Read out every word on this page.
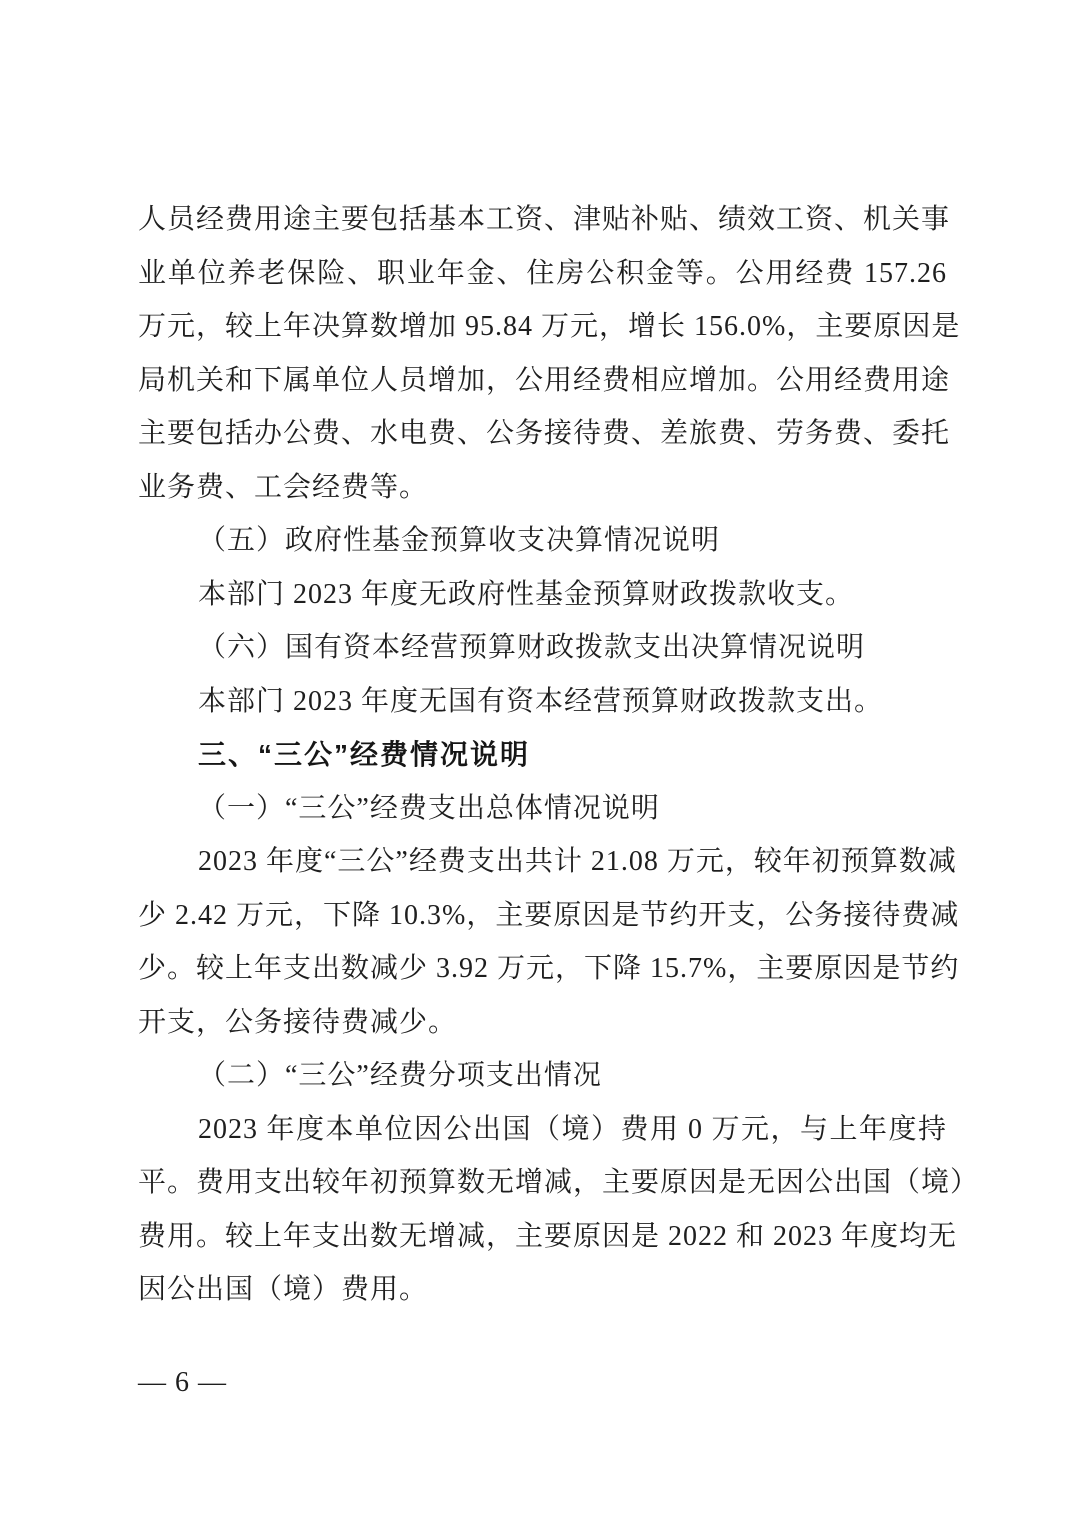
人员经费用途主要包括基本工资、津贴补贴、绩效工资、机关事
业单位养老保险、职业年金、住房公积金等。公用经费 157.26
万元，较上年决算数增加 95.84 万元，增长 156.0%，主要原因是
局机关和下属单位人员增加，公用经费相应增加。公用经费用途
主要包括办公费、水电费、公务接待费、差旅费、劳务费、委托
业务费、工会经费等。
（五）政府性基金预算收支决算情况说明
本部门 2023 年度无政府性基金预算财政拨款收支。
（六）国有资本经营预算财政拨款支出决算情况说明
本部门 2023 年度无国有资本经营预算财政拨款支出。
三、“三公”经费情况说明
（一）“三公”经费支出总体情况说明
2023 年度“三公”经费支出共计 21.08 万元，较年初预算数减
少 2.42 万元，下降 10.3%，主要原因是节约开支，公务接待费减
少。较上年支出数减少 3.92 万元，下降 15.7%，主要原因是节约
开支，公务接待费减少。
（二）“三公”经费分项支出情况
2023 年度本单位因公出国（境）费用 0 万元，与上年度持
平。费用支出较年初预算数无增减，主要原因是无因公出国（境）
费用。较上年支出数无增减，主要原因是 2022 和 2023 年度均无
因公出国（境）费用。
— 6 —
